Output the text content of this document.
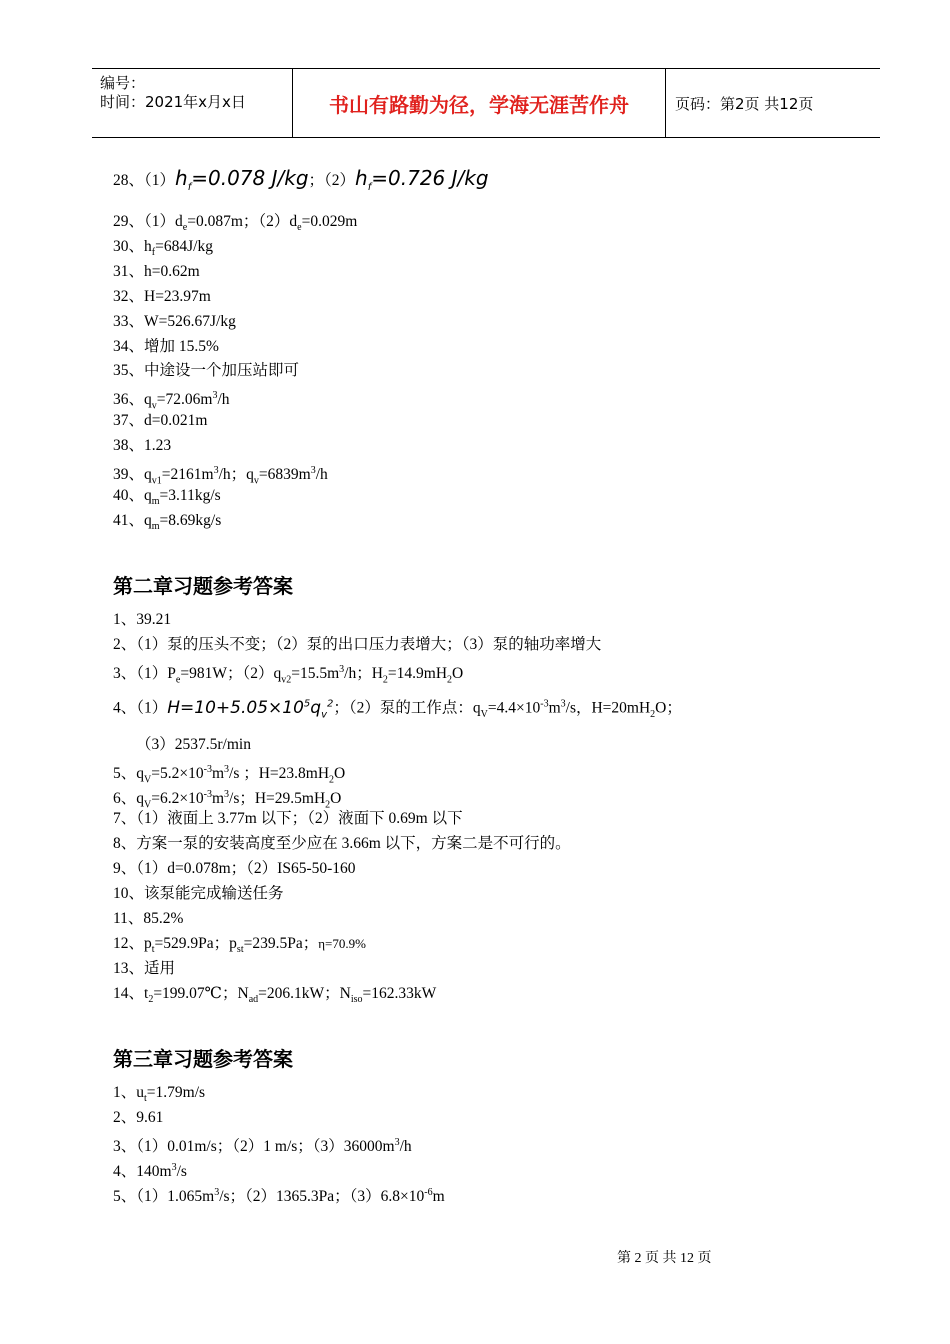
编号：
时间：2021年x月x日	书山有路勤为径，学海无涯苦作舟	页码：第2页 共12页
28、$(1)h_f=0.078$ J/kg；$(2)h_f=0.726$ J/kg
29、$(1)d_e=0.087m$；$(2)d_e=0.029m$
30、$h_f=684J/kg$
31、h=0.62m
32、H=23.97m
33、W=526.67J/kg
34、增加 15.5%
35、中途设一个加压站即可
36、$q_v=72.06m^3/h$
37、d=0.021m
38、1.23
39、$q_{v1}=2161m^3/h$；$q_v=6839m^3/h$
40、$q_m=3.11kg/s$
41、$q_m=8.69kg/s$
第二章习题参考答案
1、39.21
2、（1）泵的压头不变；（2）泵的出口压力表增大；（3）泵的轴功率增大
3、$(1)P_e=981W$；$(2)q_{v2}=15.5m^3/h$；$H_2=14.9mH_2O$
4、$(1)H=10+5.05\times 10^5q_v^2$；（2）泵的工作点：$q_V=4.4\times 10^{-3}m^3/s$，$H=20mH_2O$；
（3）2537.5r/min
5、$q_V=5.2\times 10^{-3}m^3/s$ ；$H=23.8mH_2O$
6、$q_V=6.2\times 10^{-3}m^3/s$；$H=29.5mH_2O$
7、（1）液面上 3.77m 以下；（2）液面下 0.69m 以下
8、方案一泵的安装高度至少应在 3.66m 以下，方案二是不可行的。
9、（1）d=0.078m；（2）IS65-50-160
10、该泵能完成输送任务
11、85.2%
12、$p_t=529.9Pa$；$p_{st}=239.5Pa$；η=70.9%
13、适用
14、$t_2=199.07℃$；$N_{ad}=206.1kW$；$N_{iso}=162.33kW$
第三章习题参考答案
1、$u_t=1.79m/s$
2、9.61
3、（1）0.01m/s；（2）1 m/s；$(3)36000m^3/h$
4、$140m^3/s$
5、$(1)1.065m^3/s$；（2）1365.3Pa；$(3)6.8\times 10^{-6}m$
第 2 页 共 12 页
